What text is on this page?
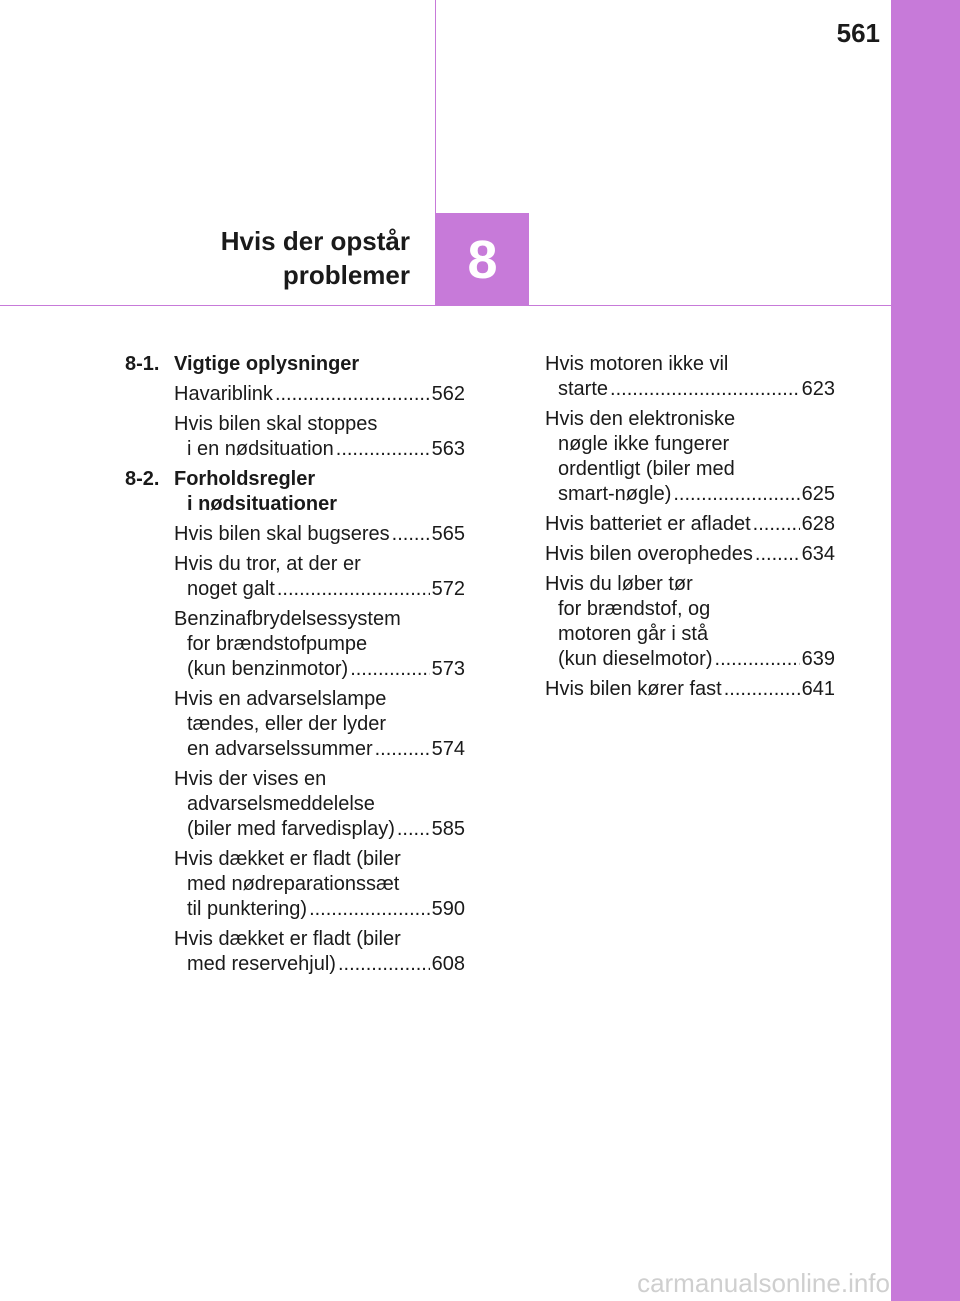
561
Hvis der opstår
problemer	8
8-1. Vigtige oplysninger
Havariblink .....	562
Hvis bilen skal stoppes
i en nødsituation .....	563
8-2. Forholdsregler
i nødsituationer
Hvis bilen skal bugseres ..... 565
Hvis du tror, at der er
noget galt .....	572
Benzinafbrydelsessystem
for brændstofpumpe
(kun benzinmotor) .....	573
Hvis en advarselslampe
tændes, eller der lyder
en advarselssummer .....	574
Hvis der vises en
advarselsmeddelelse
(biler med farvedisplay) ..... 585
Hvis dækket er fladt (biler
med nødreparationssæt
til punktering) .....	590
Hvis dækket er fladt (biler
med reservehjul) .....	608
Hvis motoren ikke vil
starte .....	623
Hvis den elektroniske
nøgle ikke fungerer
ordentligt (biler med
smart-nøgle) .....	625
Hvis batteriet er afladet .....	628
Hvis bilen overophedes ..... 634
Hvis du løber tør
for brændstof, og
motoren går i stå
(kun dieselmotor) .....	639
Hvis bilen kører fast .....	641
carmanualsonline.info
